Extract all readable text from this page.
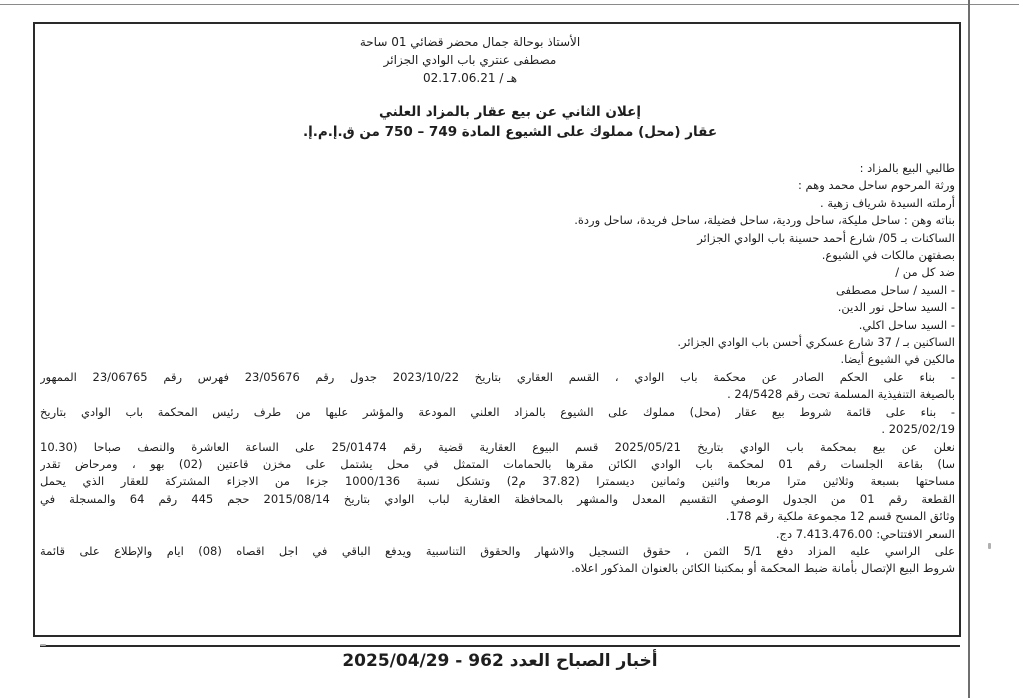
الأستاذ بوحالة جمال محضر قضائي 01 ساحة
مصطفى عنتري باب الوادي الجزائر
هـ / 02.17.06.21
إعلان الثاني عن بيع عقار بالمزاد العلني
عقار (محل) مملوك على الشيوع المادة 749 – 750 من ق.إ.م.إ.
طالبي البيع بالمزاد :
ورثة المرحوم ساحل محمد وهم :
أرملته السيدة شرياف زهية .
بناته وهن : ساحل مليكة، ساحل وردية، ساحل فضيلة، ساحل فريدة، ساحل وردة.
الساكنات بـ 05/ شارع أحمد حسينة باب الوادي الجزائر
بصفتهن مالكات في الشيوع.
ضد كل من /
- السيد / ساحل مصطفى
- السيد ساحل نور الدين.
- السيد ساحل اكلي.
الساكنين بـ / 37 شارع عسكري أحسن باب الوادي الجزائر.
مالكين في الشيوع أيضا.
- بناء على الحكم الصادر عن محكمة باب الوادي ، القسم العقاري بتاريخ 2023/10/22 جدول رقم 23/05676 فهرس رقم 23/06765 الممهور
بالصيغة التنفيذية المسلمة تحت رقم 24/5428 .
- بناء على قائمة شروط بيع عقار (محل) مملوك على الشيوع بالمزاد العلني المودعة والمؤشر عليها من طرف رئيس المحكمة باب الوادي بتاريخ
2025/02/19 .
نعلن عن بيع بمحكمة باب الوادي بتاريخ 2025/05/21 قسم البيوع العقارية قضية رقم 25/01474 على الساعة العاشرة والنصف صباحا (10.30
سا) بقاعة الجلسات رقم 01 لمحكمة باب الوادي الكائن مقرها بالحمامات المتمثل في محل يشتمل على مخزن قاعتين (02) بهو ، ومرحاض تقدر
مساحتها بسبعة وثلاثين مترا مربعا واثنين وثمانين ديسمترا (37.82 م2) وتشكل نسبة 1000/136 جزءا من الاجزاء المشتركة للعقار الذي يحمل
القطعة رقم 01 من الجدول الوصفي التقسيم المعدل والمشهر بالمحافظة العقارية لباب الوادي بتاريخ 2015/08/14 حجم 445 رقم 64 والمسجلة في
وثائق المسح قسم 12 مجموعة ملكية رقم 178.
السعر الافتتاحي: 7.413.476.00 دج.
على الراسي عليه المزاد دفع 5/1 الثمن ، حقوق التسجيل والاشهار والحقوق التناسبية ويدفع الباقي في اجل اقصاه (08) ايام والإطلاع على قائمة
شروط البيع الإتصال بأمانة ضبط المحكمة أو بمكتبنا الكائن بالعنوان المذكور اعلاه.
أخبار الصباح العدد 962 - 2025/04/29
